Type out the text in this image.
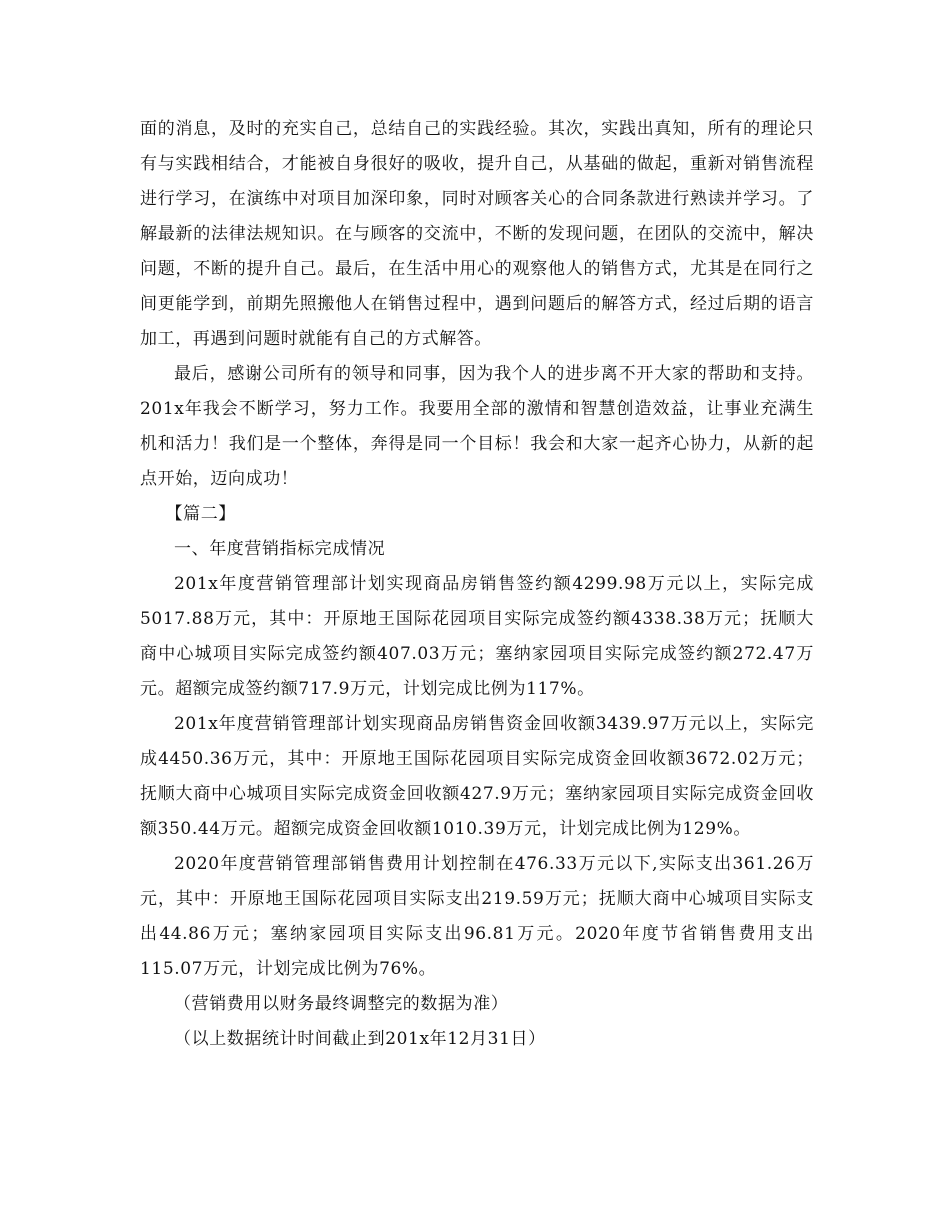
面的消息，及时的充实自己，总结自己的实践经验。其次，实践出真知，所有的理论只有与实践相结合，才能被自身很好的吸收，提升自己，从基础的做起，重新对销售流程进行学习，在演练中对项目加深印象，同时对顾客关心的合同条款进行熟读并学习。了解最新的法律法规知识。在与顾客的交流中，不断的发现问题，在团队的交流中，解决问题，不断的提升自己。最后，在生活中用心的观察他人的销售方式，尤其是在同行之间更能学到，前期先照搬他人在销售过程中，遇到问题后的解答方式，经过后期的语言加工，再遇到问题时就能有自己的方式解答。

最后，感谢公司所有的领导和同事，因为我个人的进步离不开大家的帮助和支持。201x年我会不断学习，努力工作。我要用全部的激情和智慧创造效益，让事业充满生机和活力！我们是一个整体，奔得是同一个目标！我会和大家一起齐心协力，从新的起点开始，迈向成功！

【篇二】

一、年度营销指标完成情况

201x年度营销管理部计划实现商品房销售签约额4299.98万元以上，实际完成5017.88万元，其中：开原地王国际花园项目实际完成签约额4338.38万元；抚顺大商中心城项目实际完成签约额407.03万元；塞纳家园项目实际完成签约额272.47万元。超额完成签约额717.9万元，计划完成比例为117%。

201x年度营销管理部计划实现商品房销售资金回收额3439.97万元以上，实际完成4450.36万元，其中：开原地王国际花园项目实际完成资金回收额3672.02万元；抚顺大商中心城项目实际完成资金回收额427.9万元；塞纳家园项目实际完成资金回收额350.44万元。超额完成资金回收额1010.39万元，计划完成比例为129%。

2020年度营销管理部销售费用计划控制在476.33万元以下,实际支出361.26万元，其中：开原地王国际花园项目实际支出219.59万元；抚顺大商中心城项目实际支出44.86万元；塞纳家园项目实际支出96.81万元。2020年度节省销售费用支出115.07万元，计划完成比例为76%。

（营销费用以财务最终调整完的数据为准）

（以上数据统计时间截止到201x年12月31日）
